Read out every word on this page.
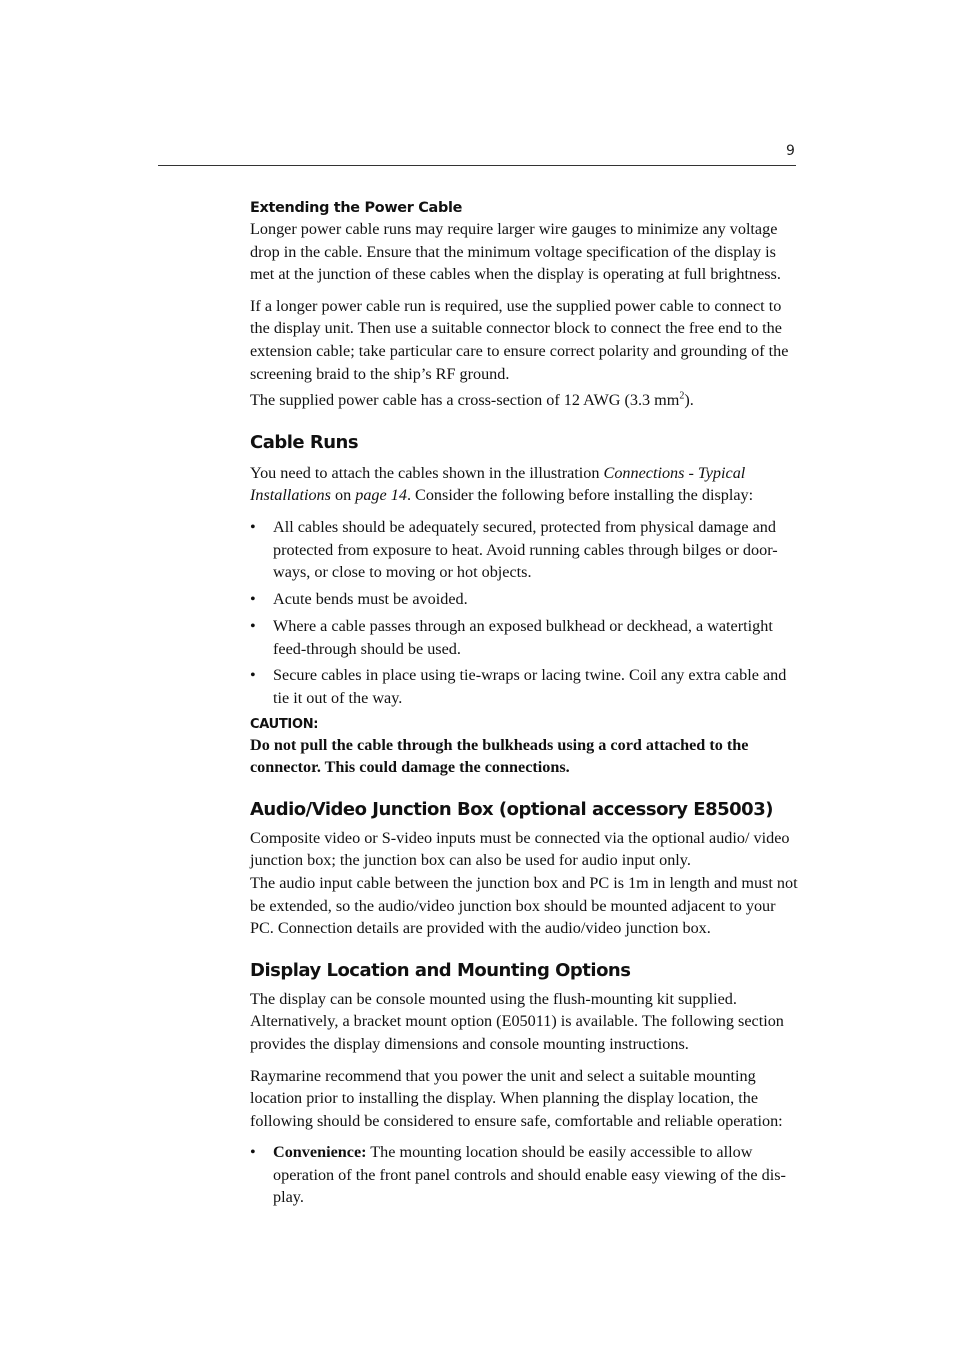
9
Extending the Power Cable

Longer power cable runs may require larger wire gauges to minimize any voltage drop in the cable. Ensure that the minimum voltage specification of the display is met at the junction of these cables when the display is operating at full brightness.

If a longer power cable run is required, use the supplied power cable to connect to the display unit. Then use a suitable connector block to connect the free end to the extension cable; take particular care to ensure correct polarity and grounding of the screening braid to the ship’s RF ground.

The supplied power cable has a cross-section of 12 AWG (3.3 $mm^2$).

Cable Runs

You need to attach the cables shown in the illustration Connections - Typical Installations on page 14. Consider the following before installing the display:

• All cables should be adequately secured, protected from physical damage and protected from exposure to heat. Avoid running cables through bilges or door-ways, or close to moving or hot objects.
• Acute bends must be avoided.
• Where a cable passes through an exposed bulkhead or deckhead, a watertight feed-through should be used.
• Secure cables in place using tie-wraps or lacing twine. Coil any extra cable and tie it out of the way.
CAUTION:

Do not pull the cable through the bulkheads using a cord attached to the connector. This could damage the connections.

Audio/Video Junction Box (optional accessory E85003)

Composite video or S-video inputs must be connected via the optional audio/ video junction box; the junction box can also be used for audio input only.

The audio input cable between the junction box and PC is 1m in length and must not be extended, so the audio/video junction box should be mounted adjacent to your PC. Connection details are provided with the audio/video junction box.

Display Location and Mounting Options

The display can be console mounted using the flush-mounting kit supplied. Alternatively, a bracket mount option (E05011) is available. The following section provides the display dimensions and console mounting instructions.

Raymarine recommend that you power the unit and select a suitable mounting location prior to installing the display. When planning the display location, the following should be considered to ensure safe, comfortable and reliable operation:

• Convenience: The mounting location should be easily accessible to allow operation of the front panel controls and should enable easy viewing of the dis-play.
